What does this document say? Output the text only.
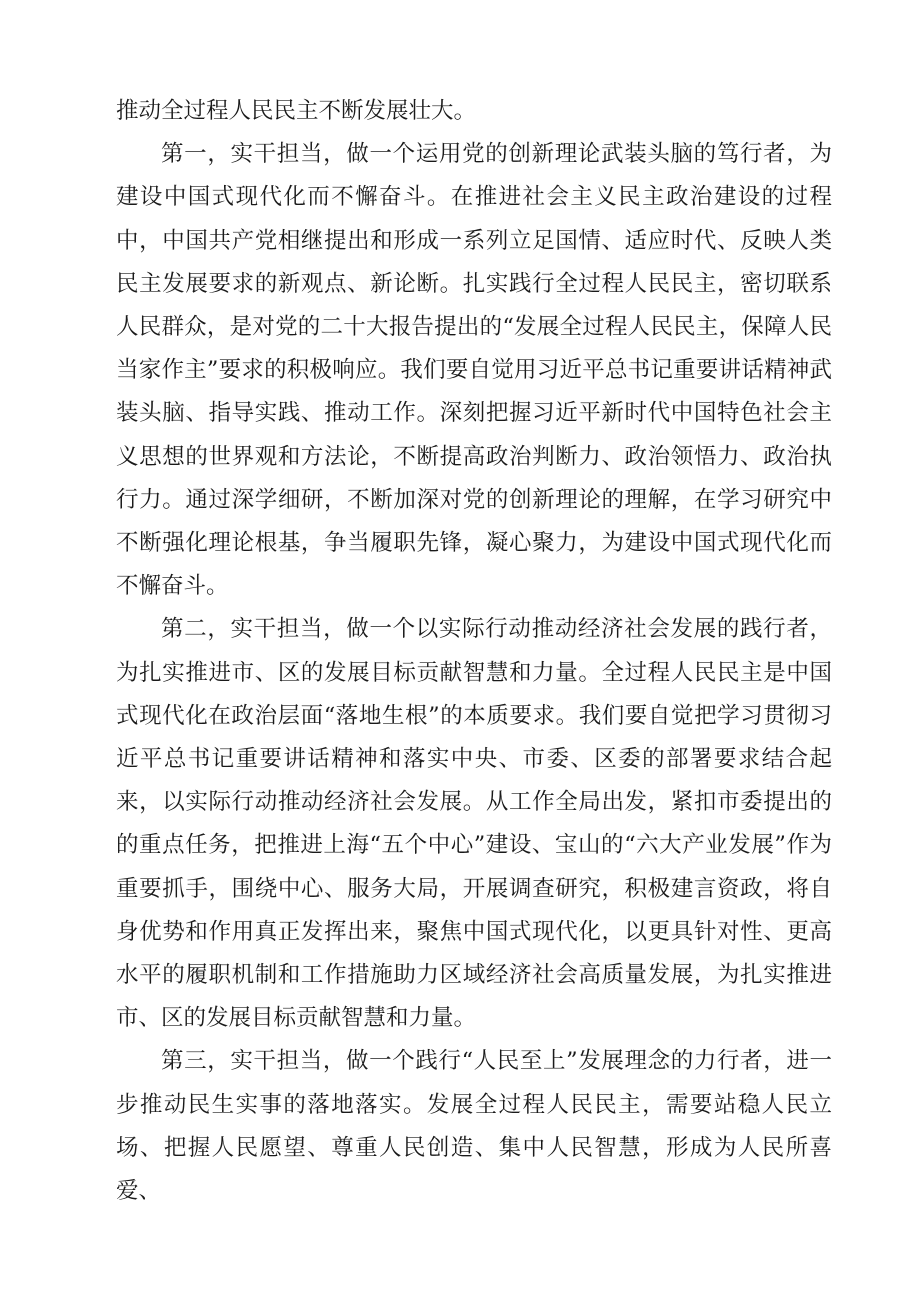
推动全过程人民民主不断发展壮大。

第一，实干担当，做一个运用党的创新理论武装头脑的笃行者，为建设中国式现代化而不懈奋斗。在推进社会主义民主政治建设的过程中，中国共产党相继提出和形成一系列立足国情、适应时代、反映人类民主发展要求的新观点、新论断。扎实践行全过程人民民主，密切联系人民群众，是对党的二十大报告提出的“发展全过程人民民主，保障人民当家作主”要求的积极响应。我们要自觉用习近平总书记重要讲话精神武装头脑、指导实践、推动工作。深刻把握习近平新时代中国特色社会主义思想的世界观和方法论，不断提高政治判断力、政治领悟力、政治执行力。通过深学细研，不断加深对党的创新理论的理解，在学习研究中不断强化理论根基，争当履职先锋，凝心聚力，为建设中国式现代化而不懈奋斗。

第二，实干担当，做一个以实际行动推动经济社会发展的践行者，为扎实推进市、区的发展目标贡献智慧和力量。全过程人民民主是中国式现代化在政治层面“落地生根”的本质要求。我们要自觉把学习贯彻习近平总书记重要讲话精神和落实中央、市委、区委的部署要求结合起来，以实际行动推动经济社会发展。从工作全局出发，紧扣市委提出的的重点任务，把推进上海“五个中心”建设、宝山的“六大产业发展”作为重要抓手，围绕中心、服务大局，开展调查研究，积极建言资政，将自身优势和作用真正发挥出来，聚焦中国式现代化，以更具针对性、更高水平的履职机制和工作措施助力区域经济社会高质量发展，为扎实推进市、区的发展目标贡献智慧和力量。

第三，实干担当，做一个践行“人民至上”发展理念的力行者，进一步推动民生实事的落地落实。发展全过程人民民主，需要站稳人民立场、把握人民愿望、尊重人民创造、集中人民智慧，形成为人民所喜爱、
